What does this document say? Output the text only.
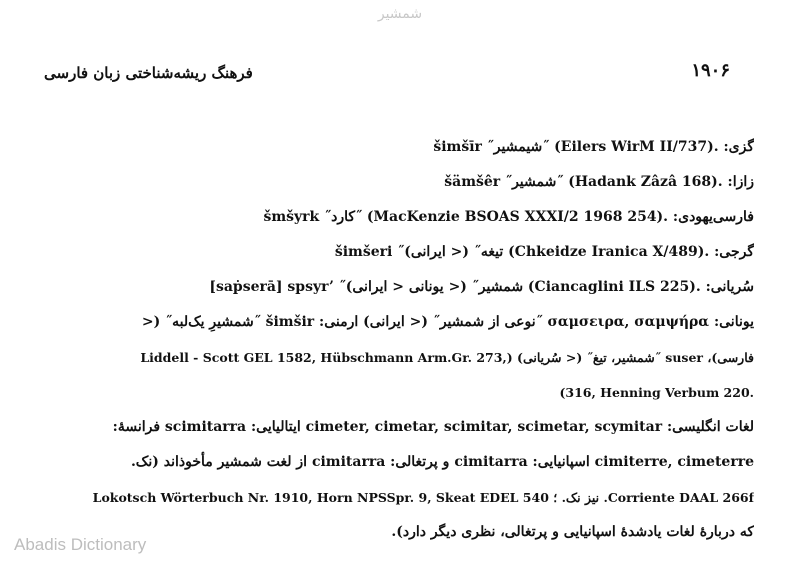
شمشیر
فرهنگ ریشه‌شناختی زبان فارسی	۱۹۰۶
گزی: šimšīr ˝شیمشیر˝ (Eilers WirM II/737).
زازا: šämšêr ˝شمشیر˝ (Hadank Zâzâ 168).
فارسی‌یهودی: šmšyrk ˝کارد˝ (MacKenzie BSOAS XXXI/2 1968 254).
گرجی: šimšeri ˝تیغه˝ (< ایرانی) (Chkeidze Iranica X/489).
سُریانی: [saṗserā] spsyr’ ˝شمشیر˝ (< یونانی < ایرانی) (Ciancaglini ILS 225).
یونانی: σαμσειρα, σαμψήρα ˝نوعی از شمشیر˝ (< ایرانی) ارمنی: šimšir ˝شمشیرِ یک‌لبه˝ (<
فارسی)، suser ˝شمشیر، تیغ˝ (< سُریانی) Liddell - Scott GEL 1582, Hübschmann Arm.Gr. 273,)
(316, Henning Verbum 220.
لغات انگلیسی: cimeter, cimetar, scimitar, scimetar, scymitar ایتالیایی: scimitarra فرانسهٔ:
cimiterre, cimeterre اسپانیایی: cimitarra و پرتغالی: cimitarra از لغت شمشیر مأخوذاند (نک.
Corriente DAAL 266f. نیز نک. ؛ Lokotsch Wörterbuch Nr. 1910, Horn NPSSpr. 9, Skeat EDEL 540
که دربارهٔ لغات یادشدهٔ اسپانیایی و پرتغالی، نظری دیگر دارد).
Abadis Dictionary
